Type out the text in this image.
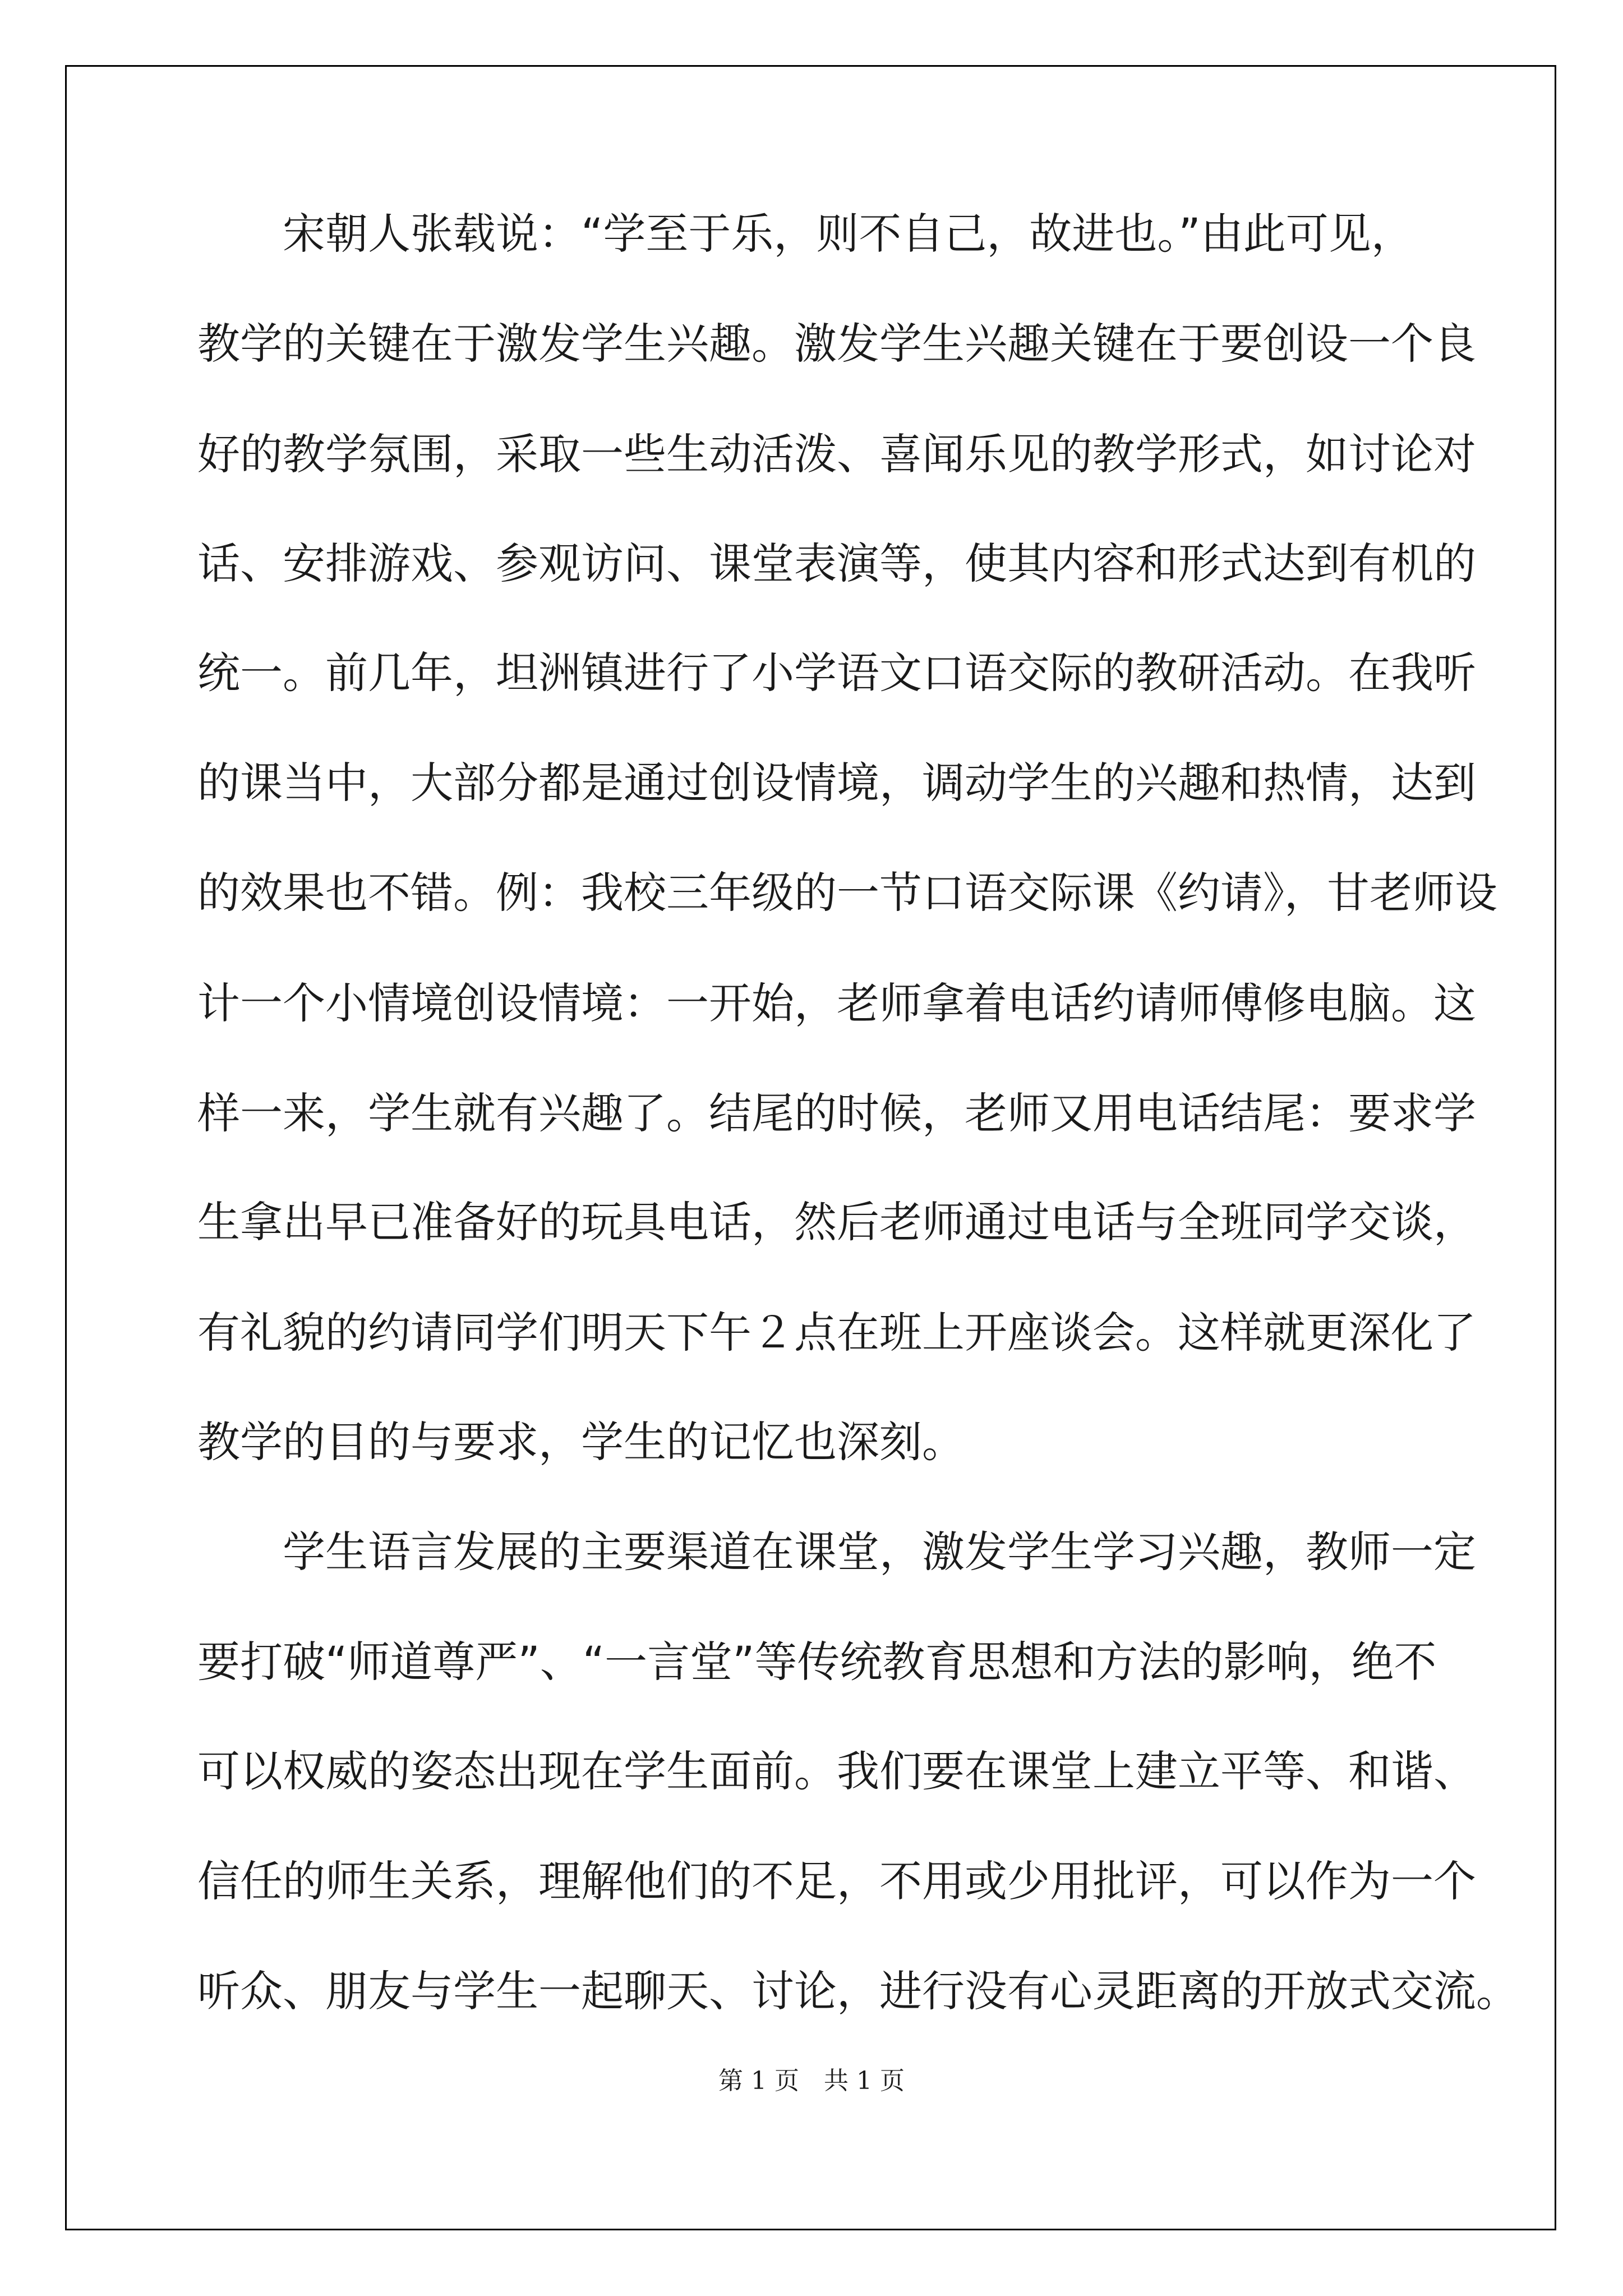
宋朝人张载说：“学至于乐，则不自己，故进也。”由此可见，
教学的关键在于激发学生兴趣。激发学生兴趣关键在于要创设一个良
好的教学氛围，采取一些生动活泼、喜闻乐见的教学形式，如讨论对
话、安排游戏、参观访问、课堂表演等，使其内容和形式达到有机的
统一。前几年，坦洲镇进行了小学语文口语交际的教研活动。在我听
的课当中，大部分都是通过创设情境，调动学生的兴趣和热情，达到
的效果也不错。例：我校三年级的一节口语交际课《约请》，甘老师设
计一个小情境创设情境：一开始，老师拿着电话约请师傅修电脑。这
样一来，学生就有兴趣了。结尾的时候，老师又用电话结尾：要求学
生拿出早已准备好的玩具电话，然后老师通过电话与全班同学交谈，
有礼貌的约请同学们明天下午２点在班上开座谈会。这样就更深化了
教学的目的与要求，学生的记忆也深刻。
学生语言发展的主要渠道在课堂，激发学生学习兴趣，教师一定
要打破“师道尊严”、“一言堂”等传统教育思想和方法的影响，绝不
可以权威的姿态出现在学生面前。我们要在课堂上建立平等、和谐、
信任的师生关系，理解他们的不足，不用或少用批评，可以作为一个
听众、朋友与学生一起聊天、讨论，进行没有心灵距离的开放式交流。
第 1 页 共 1 页
